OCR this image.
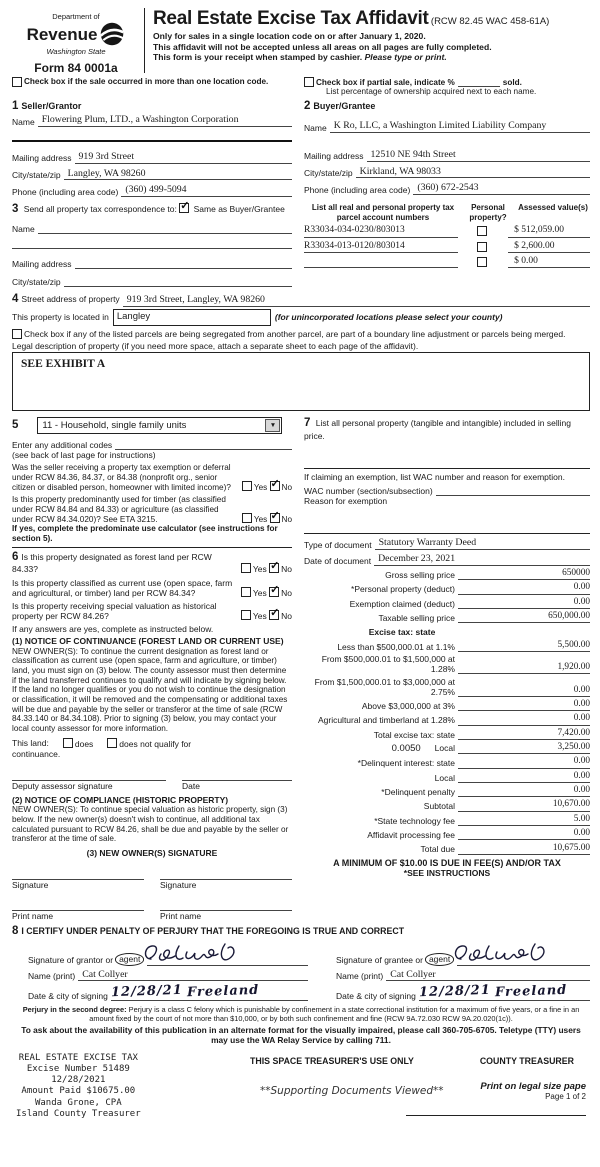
Department of
Revenue
Washington State
Form 84 0001a
Real Estate Excise Tax Affidavit (RCW 82.45 WAC 458-61A)
Only for sales in a single location code on or after January 1, 2020.
This affidavit will not be accepted unless all areas on all pages are fully completed.
This form is your receipt when stamped by cashier. Please type or print.
Check box if the sale occurred in more than one location code.	Check box if partial sale, indicate %	sold.
List percentage of ownership acquired next to each name.
1 Seller/Grantor
Name Flowering Plum, LTD., a Washington Corporation
Mailing address 919 3rd Street
City/state/zip Langley, WA 98260
Phone (including area code) (360) 499-5094
2 Buyer/Grantee
Name K Ro, LLC, a Washington Limited Liability Company
Mailing address 12510 NE 94th Street
City/state/zip Kirkland, WA 98033
Phone (including area code) (360) 672-2543
3 Send all property tax correspondence to: ✓ Same as Buyer/Grantee
Name
Mailing address
City/state/zip
List all real and personal property tax parcel account numbers
Personal property?
Assessed value(s)
R33034-034-0230/803013	$ 512,059.00
R33034-013-0120/803014	$ 2,600.00
$ 0.00
4 Street address of property 919 3rd Street, Langley, WA 98260
This property is located in Langley	(for unincorporated locations please select your county)
Check box if any of the listed parcels are being segregated from another parcel, are part of a boundary line adjustment or parcels being merged.
Legal description of property (if you need more space, attach a separate sheet to each page of the affidavit).
SEE EXHIBIT A
5	11 - Household, single family units	▼
Enter any additional codes
(see back of last page for instructions)
Was the seller receiving a property tax exemption or deferral under RCW 84.36, 84.37, or 84.38 (nonprofit org., senior citizen or disabled person, homeowner with limited income)?	Yes ✓ No
Is this property predominantly used for timber (as classified under RCW 84.84 and 84.33) or agriculture (as classified under RCW 84.34.020)? See ETA 3215.	Yes ✓ No
If yes, complete the predominate use calculator (see instructions for section 5).
6 Is this property designated as forest land per RCW 84.33?	Yes ✓ No
Is this property classified as current use (open space, farm and agricultural, or timber) land per RCW 84.34?	Yes ✓ No
Is this property receiving special valuation as historical property per RCW 84.26?	Yes ✓ No
If any answers are yes, complete as instructed below.
(1) NOTICE OF CONTINUANCE (FOREST LAND OR CURRENT USE)
NEW OWNER(S): To continue the current designation as forest land or classification as current use (open space, farm and agriculture, or timber) land, you must sign on (3) below. The county assessor must then determine if the land transferred continues to qualify and will indicate by signing below. If the land no longer qualifies or you do not wish to continue the designation or classification, it will be removed and the compensating or additional taxes will be due and payable by the seller or transferor at the time of sale (RCW 84.33.140 or 84.34.108). Prior to signing (3) below, you may contact your local county assessor for more information.
This land:	does	does not qualify for
continuance.
Deputy assessor signature	Date
(2) NOTICE OF COMPLIANCE (HISTORIC PROPERTY)
NEW OWNER(S): To continue special valuation as historic property, sign (3) below. If the new owner(s) doesn't wish to continue, all additional tax calculated pursuant to RCW 84.26, shall be due and payable by the seller or transferor at the time of sale.
(3) NEW OWNER(S) SIGNATURE
Signature	Signature
Print name	Print name
7 List all personal property (tangible and intangible) included in selling price.
If claiming an exemption, list WAC number and reason for exemption.
WAC number (section/subsection)
Reason for exemption
Type of document Statutory Warranty Deed
Date of document December 23, 2021
Gross selling price	650000
*Personal property (deduct)	0.00
Exemption claimed (deduct)	0.00
Taxable selling price	650,000.00
Excise tax: state
Less than $500,000.01 at 1.1%	5,500.00
From $500,000.01 to $1,500,000 at 1.28%	1,920.00
From $1,500,000.01 to $3,000,000 at 2.75%	0.00
Above $3,000,000 at 3%	0.00
Agricultural and timberland at 1.28%	0.00
Total excise tax: state	7,420.00
0.0050 Local	3,250.00
*Delinquent interest: state	0.00
Local	0.00
*Delinquent penalty	0.00
Subtotal	10,670.00
*State technology fee	5.00
Affidavit processing fee	0.00
Total due	10,675.00
A MINIMUM OF $10.00 IS DUE IN FEE(S) AND/OR TAX
*SEE INSTRUCTIONS
8 I CERTIFY UNDER PENALTY OF PERJURY THAT THE FOREGOING IS TRUE AND CORRECT
Signature of grantor or agent
Name (print) Cat Collyer
Date & city of signing 12/28/21 Freeland
Signature of grantee or agent
Name (print) Cat Collyer
Date & city of signing 12/28/21 Freeland
Perjury in the second degree: Perjury is a class C felony which is punishable by confinement in a state correctional institution for a maximum of five years, or a fine in an amount fixed by the court of not more than $10,000, or by both such confinement and fine (RCW 9A.72.030 RCW 9A.20.020(1c)).
To ask about the availability of this publication in an alternate format for the visually impaired, please call 360-705-6705. Teletype (TTY) users may use the WA Relay Service by calling 711.
REAL ESTATE EXCISE TAX
Excise Number 51489
12/28/2021
Amount Paid $10675.00
Wanda Grone, CPA
Island County Treasurer
THIS SPACE TREASURER'S USE ONLY	COUNTY TREASURER
**Supporting Documents Viewed**	Print on legal size pape
Page 1 of 2
